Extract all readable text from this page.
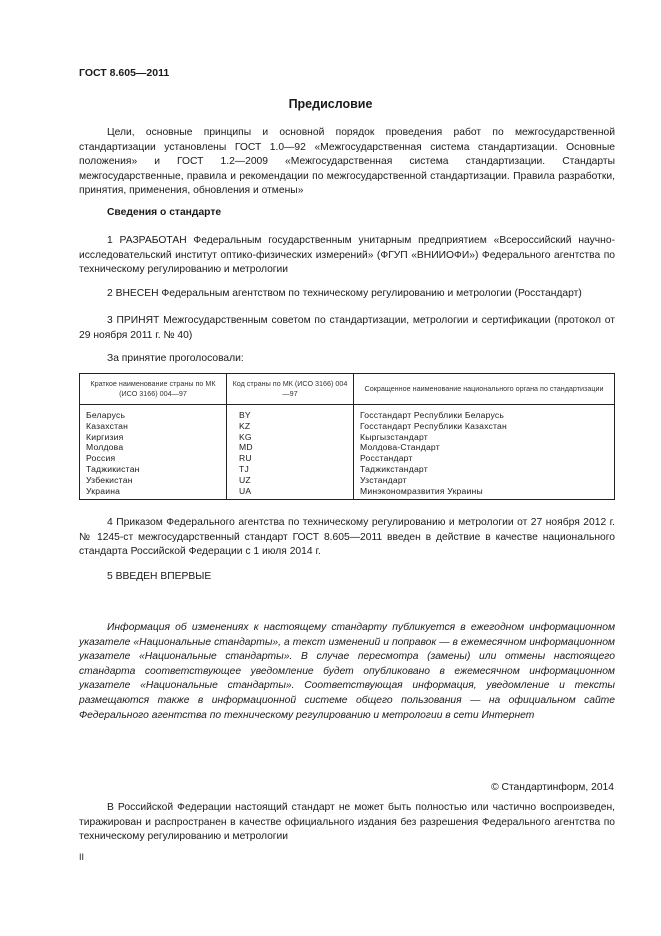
ГОСТ 8.605—2011
Предисловие
Цели, основные принципы и основной порядок проведения работ по межгосударственной стандартизации установлены ГОСТ 1.0—92 «Межгосударственная система стандартизации. Основные положения» и ГОСТ 1.2—2009 «Межгосударственная система стандартизации. Стандарты межгосударственные, правила и рекомендации по межгосударственной стандартизации. Правила разработки, принятия, применения, обновления и отмены»
Сведения о стандарте
1 РАЗРАБОТАН Федеральным государственным унитарным предприятием «Всероссийский научно-исследовательский институт оптико-физических измерений» (ФГУП «ВНИИОФИ») Федерального агентства по техническому регулированию и метрологии
2 ВНЕСЕН Федеральным агентством по техническому регулированию и метрологии (Росстандарт)
3 ПРИНЯТ Межгосударственным советом по стандартизации, метрологии и сертификации (протокол от 29 ноября 2011 г. № 40)
За принятие проголосовали:
Краткое наименование страны по МК (ИСО 3166) 004—97	Код страны по МК (ИСО 3166) 004—97	Сокращенное наименование национального органа по стандартизации
Беларусь	BY	Госстандарт Республики Беларусь
Казахстан	KZ	Госстандарт Республики Казахстан
Киргизия	KG	Кыргызстандарт
Молдова	MD	Молдова-Стандарт
Россия	RU	Росстандарт
Таджикистан	TJ	Таджикстандарт
Узбекистан	UZ	Узстандарт
Украина	UA	Минэкономразвития Украины
4 Приказом Федерального агентства по техническому регулированию и метрологии от 27 ноября 2012 г. № 1245-ст межгосударственный стандарт ГОСТ 8.605—2011 введен в действие в качестве национального стандарта Российской Федерации с 1 июля 2014 г.
5 ВВЕДЕН ВПЕРВЫЕ
Информация об изменениях к настоящему стандарту публикуется в ежегодном информационном указателе «Национальные стандарты», а текст изменений и поправок — в ежемесячном информационном указателе «Национальные стандарты». В случае пересмотра (замены) или отмены настоящего стандарта соответствующее уведомление будет опубликовано в ежемесячном информационном указателе «Национальные стандарты». Соответствующая информация, уведомление и тексты размещаются также в информационной системе общего пользования — на официальном сайте Федерального агентства по техническому регулированию и метрологии в сети Интернет
© Стандартинформ, 2014
В Российской Федерации настоящий стандарт не может быть полностью или частично воспроизведен, тиражирован и распространен в качестве официального издания без разрешения Федерального агентства по техническому регулированию и метрологии
II
